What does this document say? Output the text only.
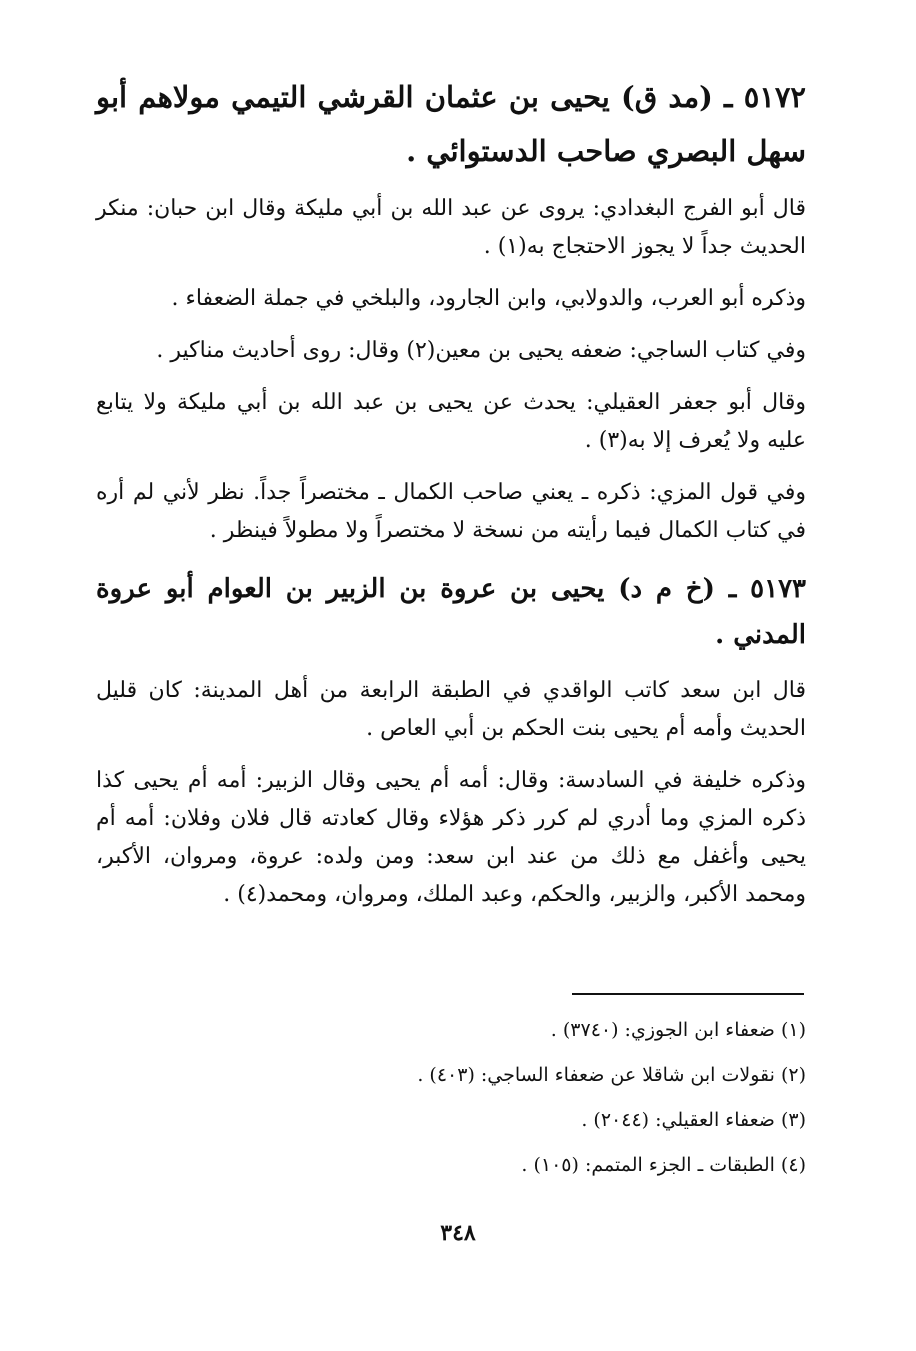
٥١٧٢ ـ (مد ق) يحيى بن عثمان القرشي التيمي مولاهم أبو سهل البصري صاحب الدستوائي .

قال أبو الفرج البغدادي: يروى عن عبد الله بن أبي مليكة وقال ابن حبان: منكر الحديث جداً لا يجوز الاحتجاج به(١) .

وذكره أبو العرب، والدولابي، وابن الجارود، والبلخي في جملة الضعفاء .

وفي كتاب الساجي: ضعفه يحيى بن معين(٢) وقال: روى أحاديث مناكير .

وقال أبو جعفر العقيلي: يحدث عن يحيى بن عبد الله بن أبي مليكة ولا يتابع عليه ولا يُعرف إلا به(٣) .

وفي قول المزي: ذكره ـ يعني صاحب الكمال ـ مختصراً جداً. نظر لأني لم أره في كتاب الكمال فيما رأيته من نسخة لا مختصراً ولا مطولاً فينظر .

٥١٧٣ ـ (خ م د) يحيى بن عروة بن الزبير بن العوام أبو عروة المدني .

قال ابن سعد كاتب الواقدي في الطبقة الرابعة من أهل المدينة: كان قليل الحديث وأمه أم يحيى بنت الحكم بن أبي العاص .

وذكره خليفة في السادسة: وقال: أمه أم يحيى وقال الزبير: أمه أم يحيى كذا ذكره المزي وما أدري لم كرر ذكر هؤلاء وقال كعادته قال فلان وفلان: أمه أم يحيى وأغفل مع ذلك من عند ابن سعد: ومن ولده: عروة، ومروان، الأكبر، ومحمد الأكبر، والزبير، والحكم، وعبد الملك، ومروان، ومحمد(٤) .

(١) ضعفاء ابن الجوزي: (٣٧٤٠) .

(٢) نقولات ابن شاقلا عن ضعفاء الساجي: (٤٠٣) .

(٣) ضعفاء العقيلي: (٢٠٤٤) .

(٤) الطبقات ـ الجزء المتمم: (١٠٥) .

٣٤٨
